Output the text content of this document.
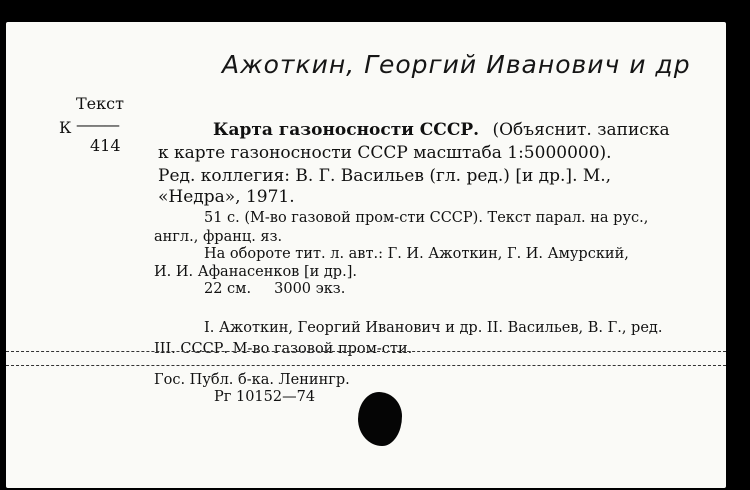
Ажоткин, Георгий Иванович и др
Текст
К ———
414
Карта газоносности СССР. (Объяснит. записка
к карте газоносности СССР масштаба 1:5000000).
Ред. коллегия: В. Г. Васильев (гл. ред.) [и др.]. М.,
«Недра», 1971.
51 с. (М-во газовой пром-сти СССР). Текст парал. на рус.,
англ., франц. яз.
На обороте тит. л. авт.: Г. И. Ажоткин, Г. И. Амурский,
И. И. Афанасенков [и др.].
22 см.     3000 экз.
I. Ажоткин, Георгий Иванович и др. II. Васильев, В. Г., ред.
III. СССР. М-во газовой пром-сти.
Гос. Публ. б-ка. Ленингр.
Рг 10152—74
